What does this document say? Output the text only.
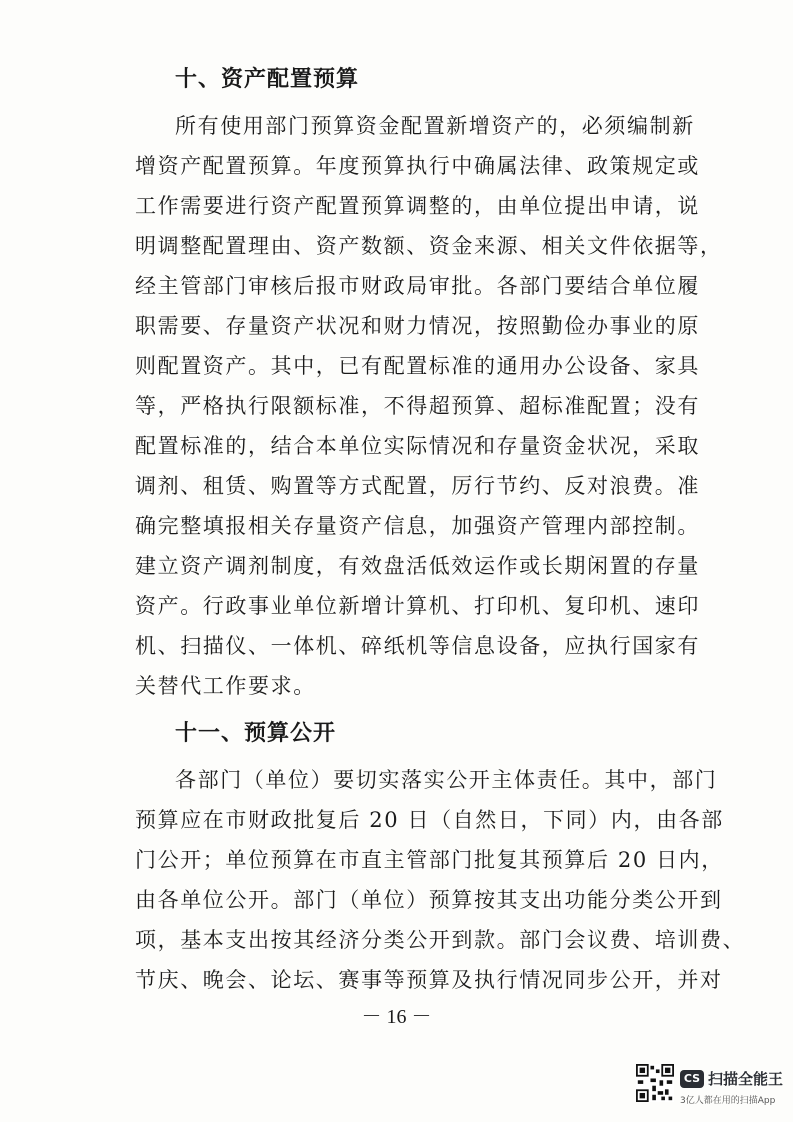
十、资产配置预算
所有使用部门预算资金配置新增资产的，必须编制新
增资产配置预算。年度预算执行中确属法律、政策规定或
工作需要进行资产配置预算调整的，由单位提出申请，说
明调整配置理由、资产数额、资金来源、相关文件依据等，
经主管部门审核后报市财政局审批。各部门要结合单位履
职需要、存量资产状况和财力情况，按照勤俭办事业的原
则配置资产。其中，已有配置标准的通用办公设备、家具
等，严格执行限额标准，不得超预算、超标准配置；没有
配置标准的，结合本单位实际情况和存量资金状况，采取
调剂、租赁、购置等方式配置，厉行节约、反对浪费。准
确完整填报相关存量资产信息，加强资产管理内部控制。
建立资产调剂制度，有效盘活低效运作或长期闲置的存量
资产。行政事业单位新增计算机、打印机、复印机、速印
机、扫描仪、一体机、碎纸机等信息设备，应执行国家有
关替代工作要求。
十一、预算公开
各部门（单位）要切实落实公开主体责任。其中，部门
预算应在市财政批复后 20 日（自然日，下同）内，由各部
门公开；单位预算在市直主管部门批复其预算后 20 日内，
由各单位公开。部门（单位）预算按其支出功能分类公开到
项，基本支出按其经济分类公开到款。部门会议费、培训费、
节庆、晚会、论坛、赛事等预算及执行情况同步公开，并对
－ 16 －
CS 扫描全能王
3亿人都在用的扫描App
